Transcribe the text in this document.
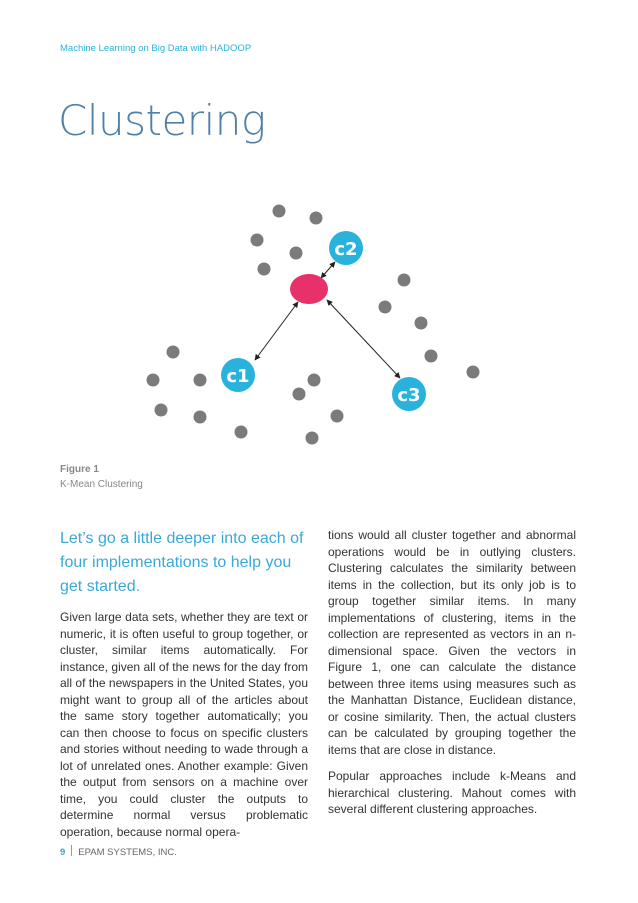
Machine Learning on Big Data with HADOOP
Clustering
c2
c1
c3
Figure 1
K-Mean Clustering

Let’s go a little deeper into each of four implementations to help you get started.

Given large data sets, whether they are text or numeric, it is often useful to group together, or cluster, similar items automatically. For instance, given all of the news for the day from all of the newspapers in the United States, you might want to group all of the articles about the same story together automatically; you can then choose to focus on specific clusters and stories without needing to wade through a lot of unrelated ones. Another example: Given the output from sensors on a machine over time, you could cluster the outputs to determine normal versus problematic operation, because normal opera-

tions would all cluster together and abnormal operations would be in outlying clusters. Clustering calculates the similarity between items in the collection, but its only job is to group together similar items. In many implementations of clustering, items in the collection are represented as vectors in an n-dimensional space. Given the vectors in Figure 1, one can calculate the distance between three items using measures such as the Manhattan Distance, Euclidean distance, or cosine similarity. Then, the actual clusters can be calculated by grouping together the items that are close in distance.

Popular approaches include k-Means and hierarchical clustering. Mahout comes with several different clustering approaches.

9 EPAM SYSTEMS, INC.
